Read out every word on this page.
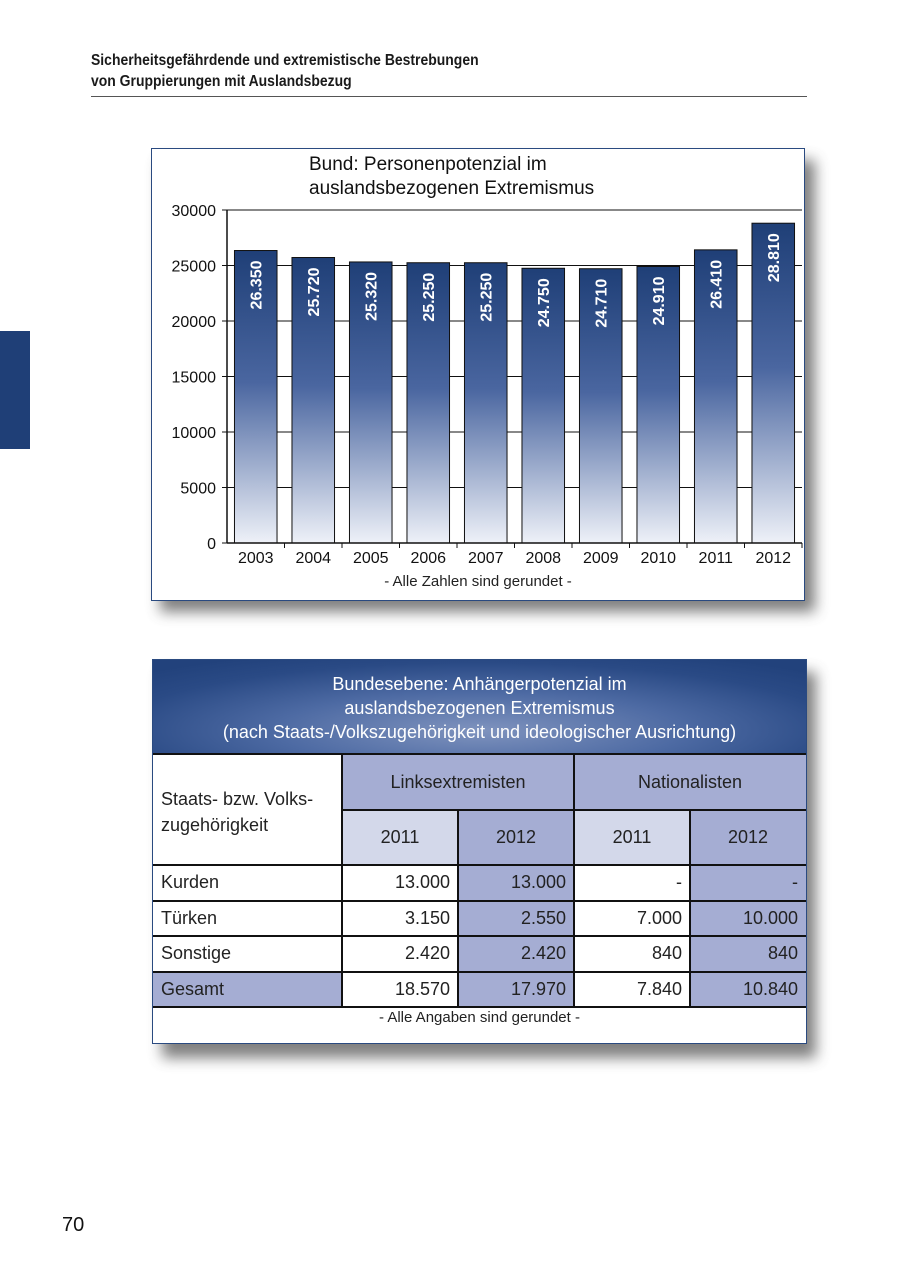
Sicherheitsgefährdende und extremistische Bestrebungen
von Gruppierungen mit Auslandsbezug
Bund: Personenpotenzial im
auslandsbezogenen Extremismus
26.350	25.720	25.320	25.250	25.250	24.750	24.710	24.910	26.410
28.810
0
5000
10000
15000
20000
25000
30000
2003 2004 2005 2006 2007 2008 2009 2010 2011 2012
- Alle Zahlen sind gerundet -
Bundesebene: Anhängerpotenzial im
auslandsbezogenen Extremismus
(nach Staats-/Volkszugehörigkeit und ideologischer Ausrichtung)
Staats- bzw. Volks-
zugehörigkeit
Linksextremisten	Nationalisten
2011	2012	2011	2012
Kurden	13.000	13.000	-	-
Türken	3.150	2.550	7.000	10.000
Sonstige	2.420	2.420	840	840
Gesamt	18.570	17.970	7.840	10.840
- Alle Angaben sind gerundet -
70
